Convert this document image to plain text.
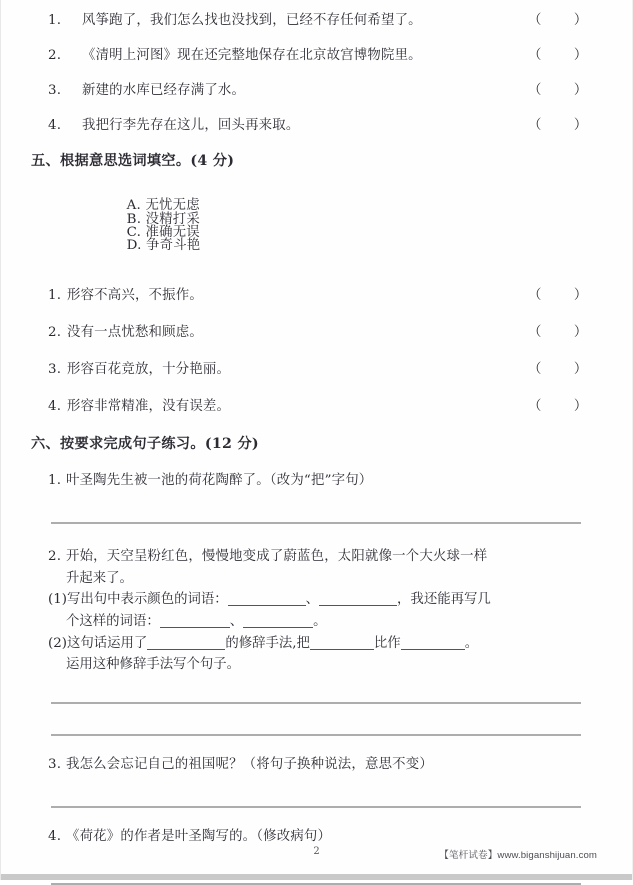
1.	风筝跑了，我们怎么找也没找到，已经不存任何希望了。	（      ）
2.	《清明上河图》现在还完整地保存在北京故宫博物院里。	（      ）
3.	新建的水库已经存满了水。	（      ）
4.	我把行李先存在这儿，回头再来取。	（      ）
五、根据意思选词填空。(4 分)

A. 无忧无虑
B. 没精打采
C. 准确无误
D. 争奇斗艳

1. 形容不高兴，不振作。	（      ）
2. 没有一点忧愁和顾虑。	（      ）
3. 形容百花竞放，十分艳丽。	（      ）
4. 形容非常精准，没有误差。	（      ）
六、按要求完成句子练习。(12 分)
1. 叶圣陶先生被一池的荷花陶醉了。（改为“把”字句）
2. 开始，天空呈粉红色，慢慢地变成了蔚蓝色，太阳就像一个大火球一样
升起来了。
(1) 写出句中表示颜色的词语：	、	，我还能再写几
个这样的词语：	、	。
(2) 这句话运用了	的修辞手法,把	比作	。
运用这种修辞手法写个句子。
3. 我怎么会忘记自己的祖国呢？（将句子换种说法，意思不变）
4. 《荷花》的作者是叶圣陶写的。（修改病句）
2	【笔杆试卷】www.biganshijuan.com
